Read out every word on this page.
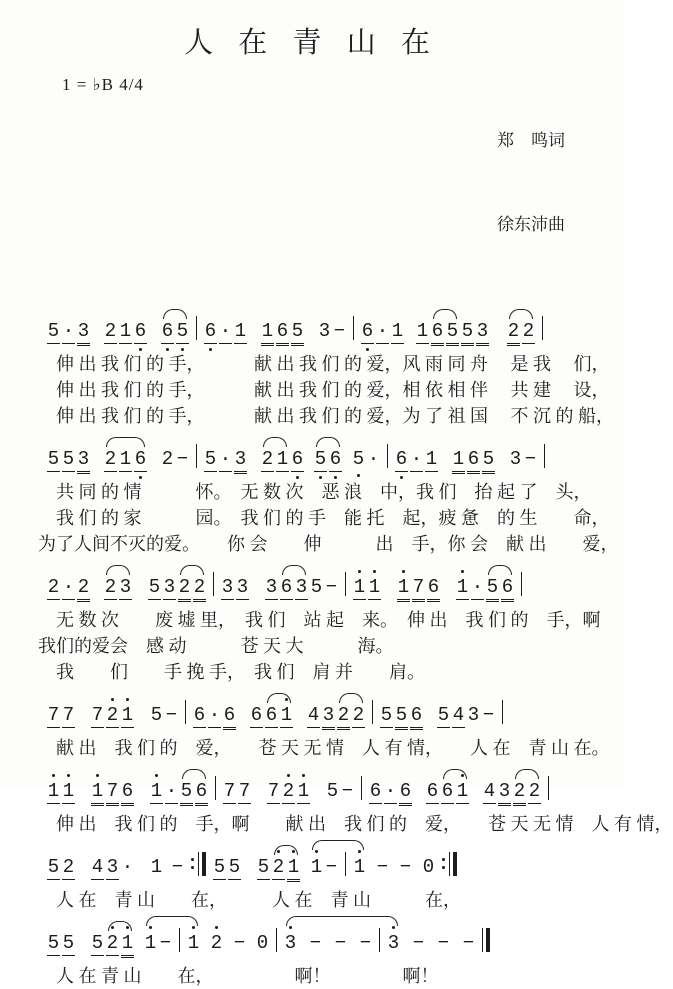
人 在 青 山 在
1 = ♭B 4/4

郑　鸣词

徐东沛曲

5 · 3 2 1 6 6 5 6 · 1 1 6 5 3 − 6 · 1 1 6 5 5 3 2 2
　伸 出 我 们 的 手，　　　 献 出 我 们 的 爱，风 雨 同 舟　 是 我　 们，
　伸 出 我 们 的 手，　　　 献 出 我 们 的 爱，相 依 相 伴　 共 建　 设，
　伸 出 我 们 的 手，　　　 献 出 我 们 的 爱，为 了 祖 国　 不 沉 的 船，
5 5 3 2 1 6 2 − 5 · 3 2 1 6 5 6 5 · 6 · 1 1 6 5 3 −
　共 同 的 情　　　怀。　无 数 次　恶 浪　中，我 们　抬 起 了　头，
　我 们 的 家　　　园。　我 们 的 手　能 托　起，疲 惫　的 生　　命，
为了人间不灭的爱。　　你 会　　伸　　　出　手，你 会　献 出　　爱，
2 · 2 2 3 5 3 2 2 3 3 3 6 3 5 − 1 1 1 7 6 1 · 5 6
　无 数 次　　废 墟 里，　我 们　站 起　来。　伸 出　我 们 的　手，啊
我们的爱会　感 动　　　苍 天 大　　　海。
　我　　们　　手 挽 手，　我 们　肩 并　　肩。
7 7 7 2 1 5 − 6 · 6 6 6 1 4 3 2 2 5 5 6 5 4 3 −
　献 出　我 们 的　爱，　　苍 天 无 情　人 有 情，　　人 在　青 山 在。
1 1 1 7 6 1 · 5 6 7 7 7 2 1 5 − 6 · 6 6 6 1 4 3 2 2
　伸 出　我 们 的　手，啊　　献 出　我 们 的　爱，　　苍 天 无 情　人 有 情，
5 2 4 3 · 1 − 5 5 5 2 1 1 − 1 − − 0
　人 在　青 山　　在，　　　人 在　青 山　　　在，
5 5 5 2 1 1 − 1 2 − 0 3 − − − 3 − − −
　人 在 青 山　　在，　　　　　啊！　　　　啊！
